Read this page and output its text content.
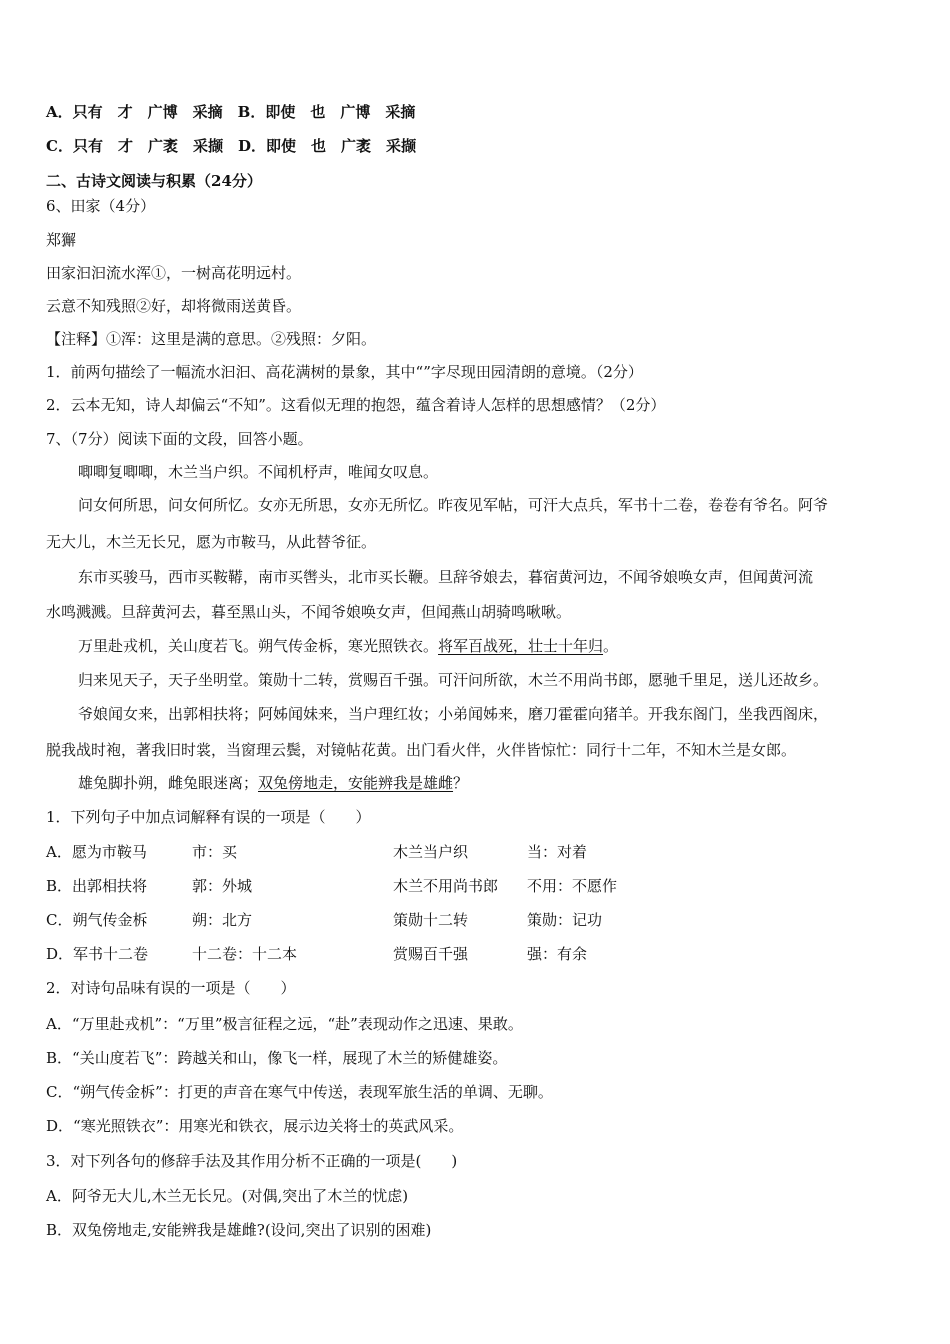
A．只有　才　广博　采摘　B．即使　也　广博　采摘
C．只有　才　广袤　采撷　D．即使　也　广袤　采撷
二、古诗文阅读与积累（24分）
6、田家（4分）
郑獬
田家汩汩流水浑①，一树高花明远村。
云意不知残照②好，却将微雨送黄昏。
【注释】①浑：这里是满的意思。②残照：夕阳。
1．前两句描绘了一幅流水汩汩、高花满树的景象，其中“”字尽现田园清朗的意境。（2分）
2．云本无知，诗人却偏云“不知”。这看似无理的抱怨，蕴含着诗人怎样的思想感情？（2分）
7、（7分）阅读下面的文段，回答小题。
唧唧复唧唧，木兰当户织。不闻机杼声，唯闻女叹息。
问女何所思，问女何所忆。女亦无所思，女亦无所忆。昨夜见军帖，可汗大点兵，军书十二卷，卷卷有爷名。阿爷
无大儿，木兰无长兄，愿为市鞍马，从此替爷征。
东市买骏马，西市买鞍鞯，南市买辔头，北市买长鞭。旦辞爷娘去，暮宿黄河边，不闻爷娘唤女声，但闻黄河流
水鸣溅溅。旦辞黄河去，暮至黑山头，不闻爷娘唤女声，但闻燕山胡骑鸣啾啾。
万里赴戎机，关山度若飞。朔气传金柝，寒光照铁衣。将军百战死，壮士十年归。
归来见天子，天子坐明堂。策勋十二转，赏赐百千强。可汗问所欲，木兰不用尚书郎，愿驰千里足，送儿还故乡。
爷娘闻女来，出郭相扶将；阿姊闻妹来，当户理红妆；小弟闻姊来，磨刀霍霍向猪羊。开我东阁门，坐我西阁床，
脱我战时袍，著我旧时裳，当窗理云鬓，对镜帖花黄。出门看火伴，火伴皆惊忙：同行十二年，不知木兰是女郎。
雄兔脚扑朔，雌兔眼迷离；双兔傍地走，安能辨我是雄雌？
1．下列句子中加点词解释有误的一项是（　　）
A．愿为市鞍马	市：买	木兰当户织	当：对着
B．出郭相扶将	郭：外城	木兰不用尚书郎 不用：不愿作
C．朔气传金柝	朔：北方	策勋十二转	策勋：记功
D．军书十二卷	十二卷：十二本	赏赐百千强	强：有余
2．对诗句品味有误的一项是（　　）
A．“万里赴戎机”：“万里”极言征程之远，“赴”表现动作之迅速、果敢。
B．“关山度若飞”：跨越关和山，像飞一样，展现了木兰的矫健雄姿。
C．“朔气传金柝”：打更的声音在寒气中传送，表现军旅生活的单调、无聊。
D．“寒光照铁衣”：用寒光和铁衣，展示边关将士的英武风采。
3．对下列各句的修辞手法及其作用分析不正确的一项是(　　)
A．阿爷无大儿,木兰无长兄。(对偶,突出了木兰的忧虑)
B．双兔傍地走,安能辨我是雄雌?(设问,突出了识别的困难)
